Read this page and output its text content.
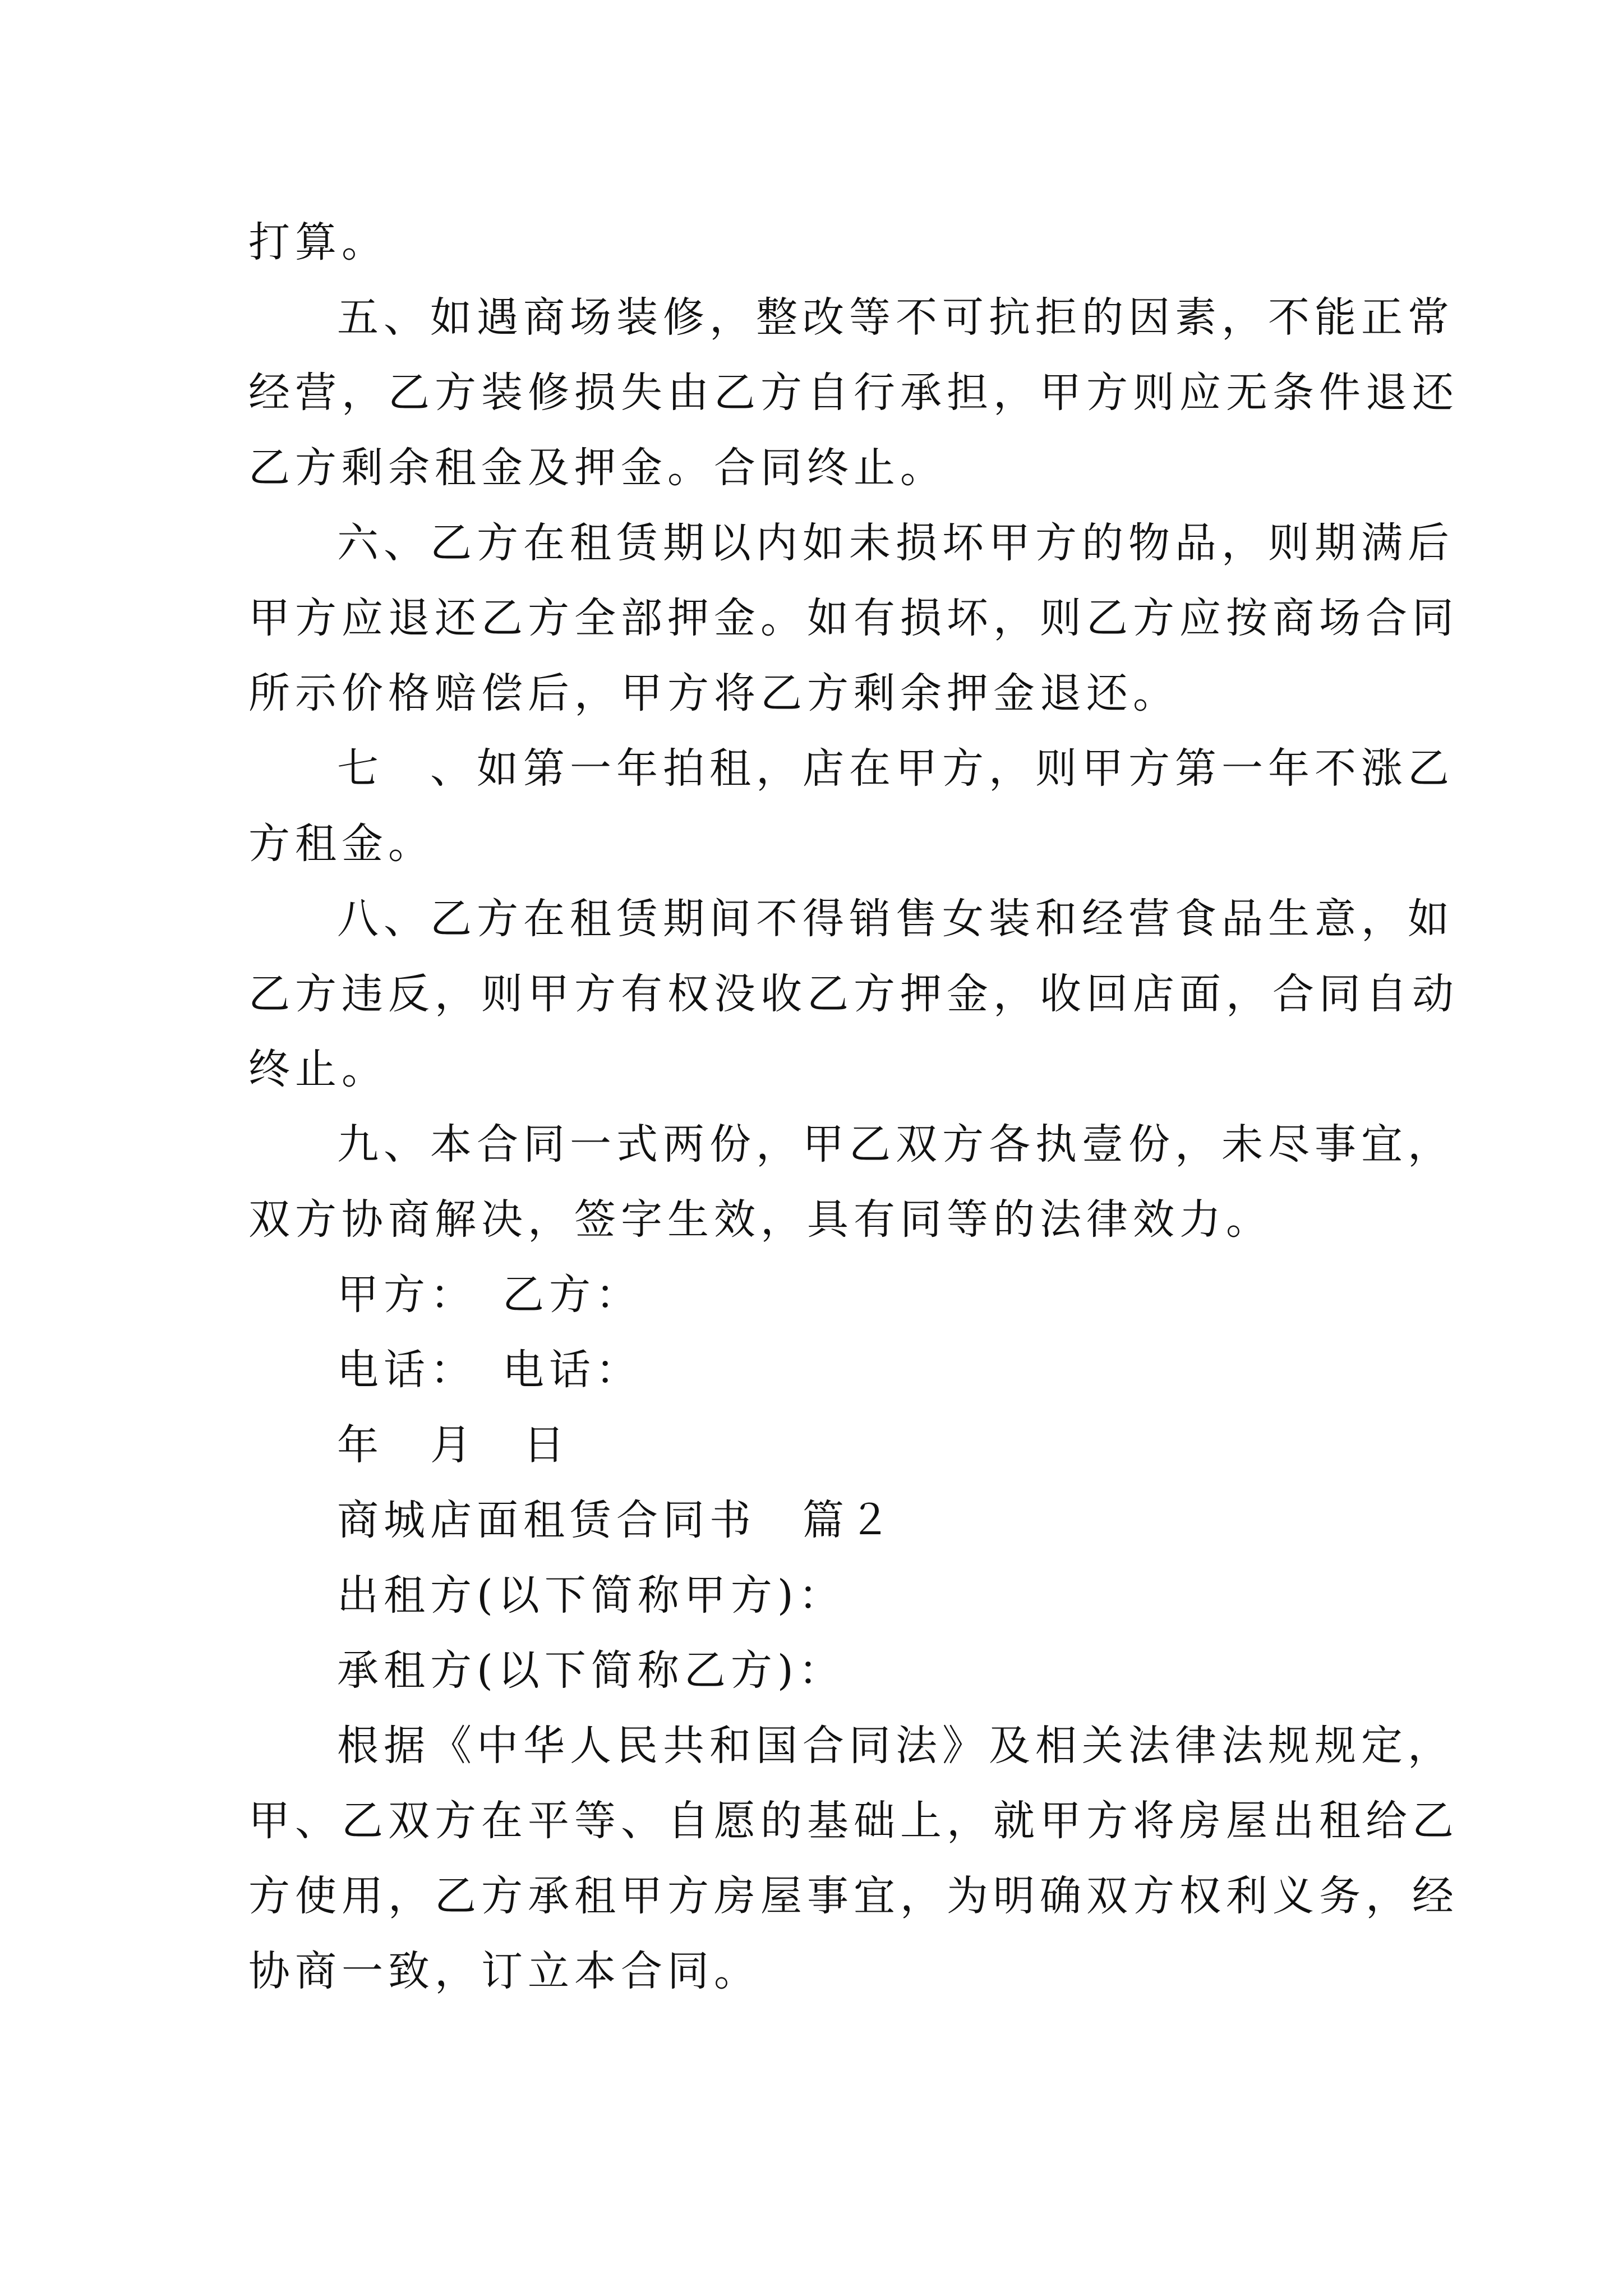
打算。
五、如遇商场装修，整改等不可抗拒的因素，不能正常
经营，乙方装修损失由乙方自行承担，甲方则应无条件退还
乙方剩余租金及押金。合同终止。
六、乙方在租赁期以内如未损坏甲方的物品，则期满后
甲方应退还乙方全部押金。如有损坏，则乙方应按商场合同
所示价格赔偿后，甲方将乙方剩余押金退还。
七　、如第一年拍租，店在甲方，则甲方第一年不涨乙
方租金。
八、乙方在租赁期间不得销售女装和经营食品生意，如
乙方违反，则甲方有权没收乙方押金，收回店面，合同自动
终止。
九、本合同一式两份，甲乙双方各执壹份，未尽事宜，
双方协商解决，签字生效，具有同等的法律效力。
甲方：　乙方：
电话：　电话：
年　月　日
商城店面租赁合同书　篇２
出租方(以下简称甲方)：
承租方(以下简称乙方)：
根据《中华人民共和国合同法》及相关法律法规规定，
甲、乙双方在平等、自愿的基础上，就甲方将房屋出租给乙
方使用，乙方承租甲方房屋事宜，为明确双方权利义务，经
协商一致，订立本合同。
